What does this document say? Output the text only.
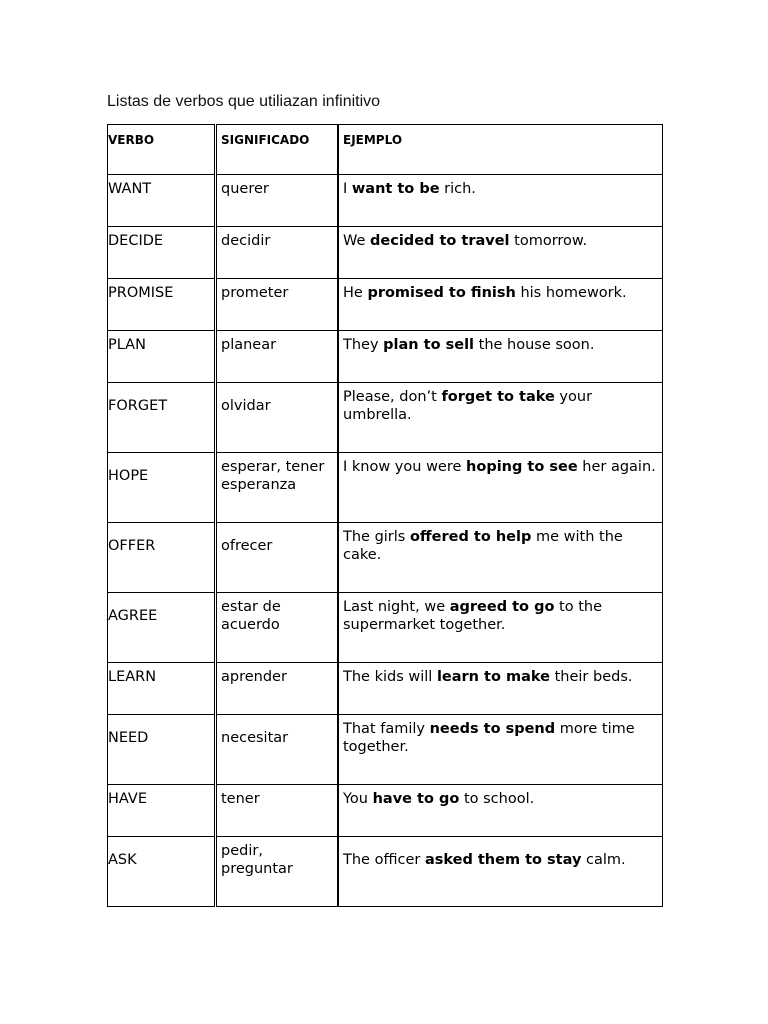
Listas de verbos que utiliazan infinitivo
VERBO	SIGNIFICADO	EJEMPLO

WANT	querer	I want to be rich.

DECIDE	decidir	We decided to travel tomorrow.

PROMISE	prometer	He promised to finish his homework.

PLAN	planear	They plan to sell the house soon.

FORGET	olvidar	Please, don’t forget to take your umbrella.

HOPE	esperar, tener esperanza	I know you were hoping to see her again.

OFFER	ofrecer	The girls offered to help me with the cake.

AGREE	estar de acuerdo	Last night, we agreed to go to the supermarket together.

LEARN	aprender	The kids will learn to make their beds.

NEED	necesitar	That family needs to spend more time together.

HAVE	tener	You have to go to school.

ASK	pedir, preguntar	The officer asked them to stay calm.
